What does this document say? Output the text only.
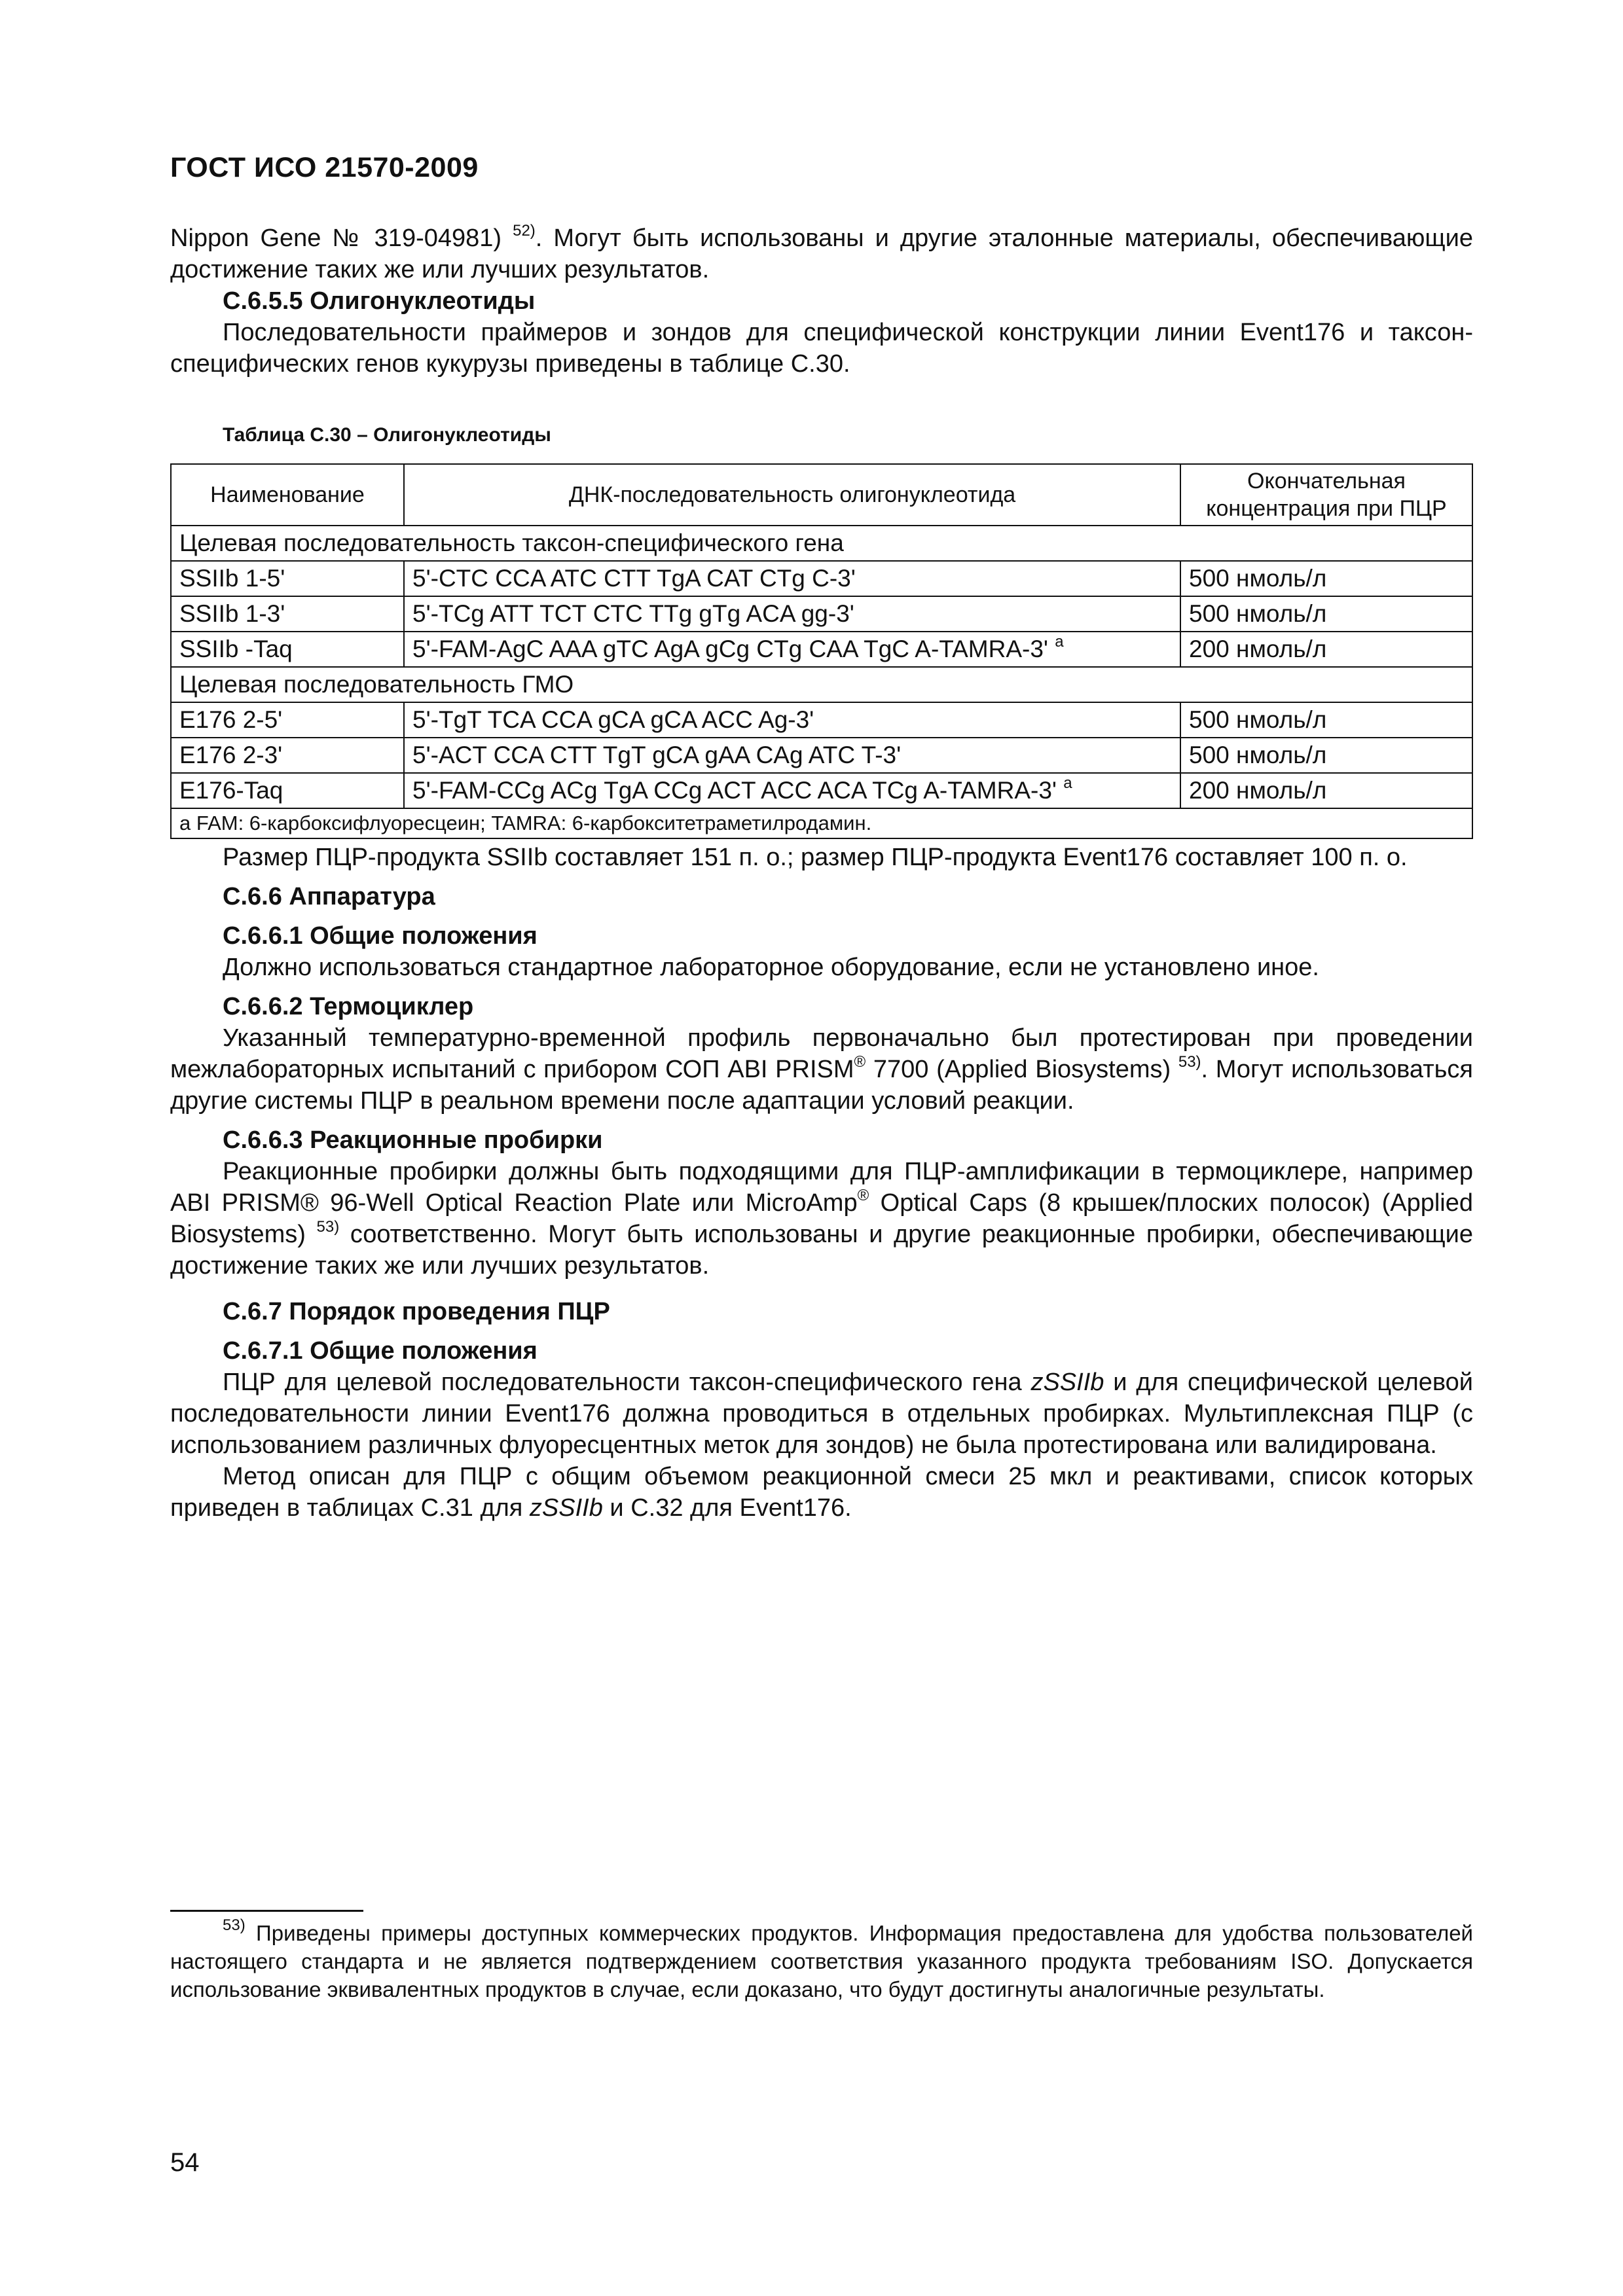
ГОСТ ИСО 21570-2009

Nippon Gene № 319-04981) $^{52)}$. Могут быть использованы и другие эталонные материалы, обеспечивающие достижение таких же или лучших результатов.

С.6.5.5 Олигонуклеотиды

Последовательности праймеров и зондов для специфической конструкции линии Event176 и таксон-специфических генов кукурузы приведены в таблице С.30.

Таблица С.30 – Олигонуклеотиды
Наименование	ДНК-последовательность олигонуклеотида	Окончательная концентрация при ПЦР
Целевая последовательность таксон-специфического гена		
SSIIb 1-5'	5'-CTC CCA ATC CTT TgA CAT CTg C-3'	500 нмоль/л
SSIIb 1-3'	5'-TCg ATT TCT CTC TTg gTg ACA gg-3'	500 нмоль/л
SSIIb -Taq	5'-FAM-AgC AAA gTC AgA gCg CTg CAA TgC A-TAMRA-3' $^a$	200 нмоль/л
Целевая последовательность ГМО		
E176 2-5'	5'-TgT TCA CCA gCA gCA ACC Ag-3'	500 нмоль/л
E176 2-3'	5'-ACT CCA CTT TgT gCA gAA CAg ATC T-3'	500 нмоль/л
E176-Taq	5'-FAM-CCg ACg TgA CCg ACT ACC ACA TCg A-TAMRA-3' $^a$	200 нмоль/л
а FAM: 6-карбоксифлуоресцеин; TAMRA: 6-карбокситетраметилродамин.		

Размер ПЦР-продукта SSIIb составляет 151 п. о.; размер ПЦР-продукта Event176 составляет 100 п. о.

С.6.6 Аппаратура
С.6.6.1 Общие положения

Должно использоваться стандартное лабораторное оборудование, если не установлено иное.

С.6.6.2 Термоциклер

Указанный температурно-временной профиль первоначально был протестирован при проведении межлабораторных испытаний с прибором СОП ABI PRISM® 7700 (Applied Biosystems) $^{53)}$. Могут использоваться другие системы ПЦР в реальном времени после адаптации условий реакции.

С.6.6.3 Реакционные пробирки

Реакционные пробирки должны быть подходящими для ПЦР-амплификации в термоциклере, например ABI PRISM® 96-Well Optical Reaction Plate или MicroAmp® Optical Caps (8 крышек/плоских полосок) (Applied Biosystems) $^{53)}$ соответственно. Могут быть использованы и другие реакционные пробирки, обеспечивающие достижение таких же или лучших результатов.

С.6.7 Порядок проведения ПЦР
С.6.7.1 Общие положения

ПЦР для целевой последовательности таксон-специфического гена zSSIIb и для специфической целевой последовательности линии Event176 должна проводиться в отдельных пробирках. Мультиплексная ПЦР (с использованием различных флуоресцентных меток для зондов) не была протестирована или валидирована.

Метод описан для ПЦР с общим объемом реакционной смеси 25 мкл и реактивами, список которых приведен в таблицах С.31 для zSSIIb и С.32 для Event176.

$^{53)}$ Приведены примеры доступных коммерческих продуктов. Информация предоставлена для удобства пользователей настоящего стандарта и не является подтверждением соответствия указанного продукта требованиям ISO. Допускается использование эквивалентных продуктов в случае, если доказано, что будут достигнуты аналогичные результаты.

54
